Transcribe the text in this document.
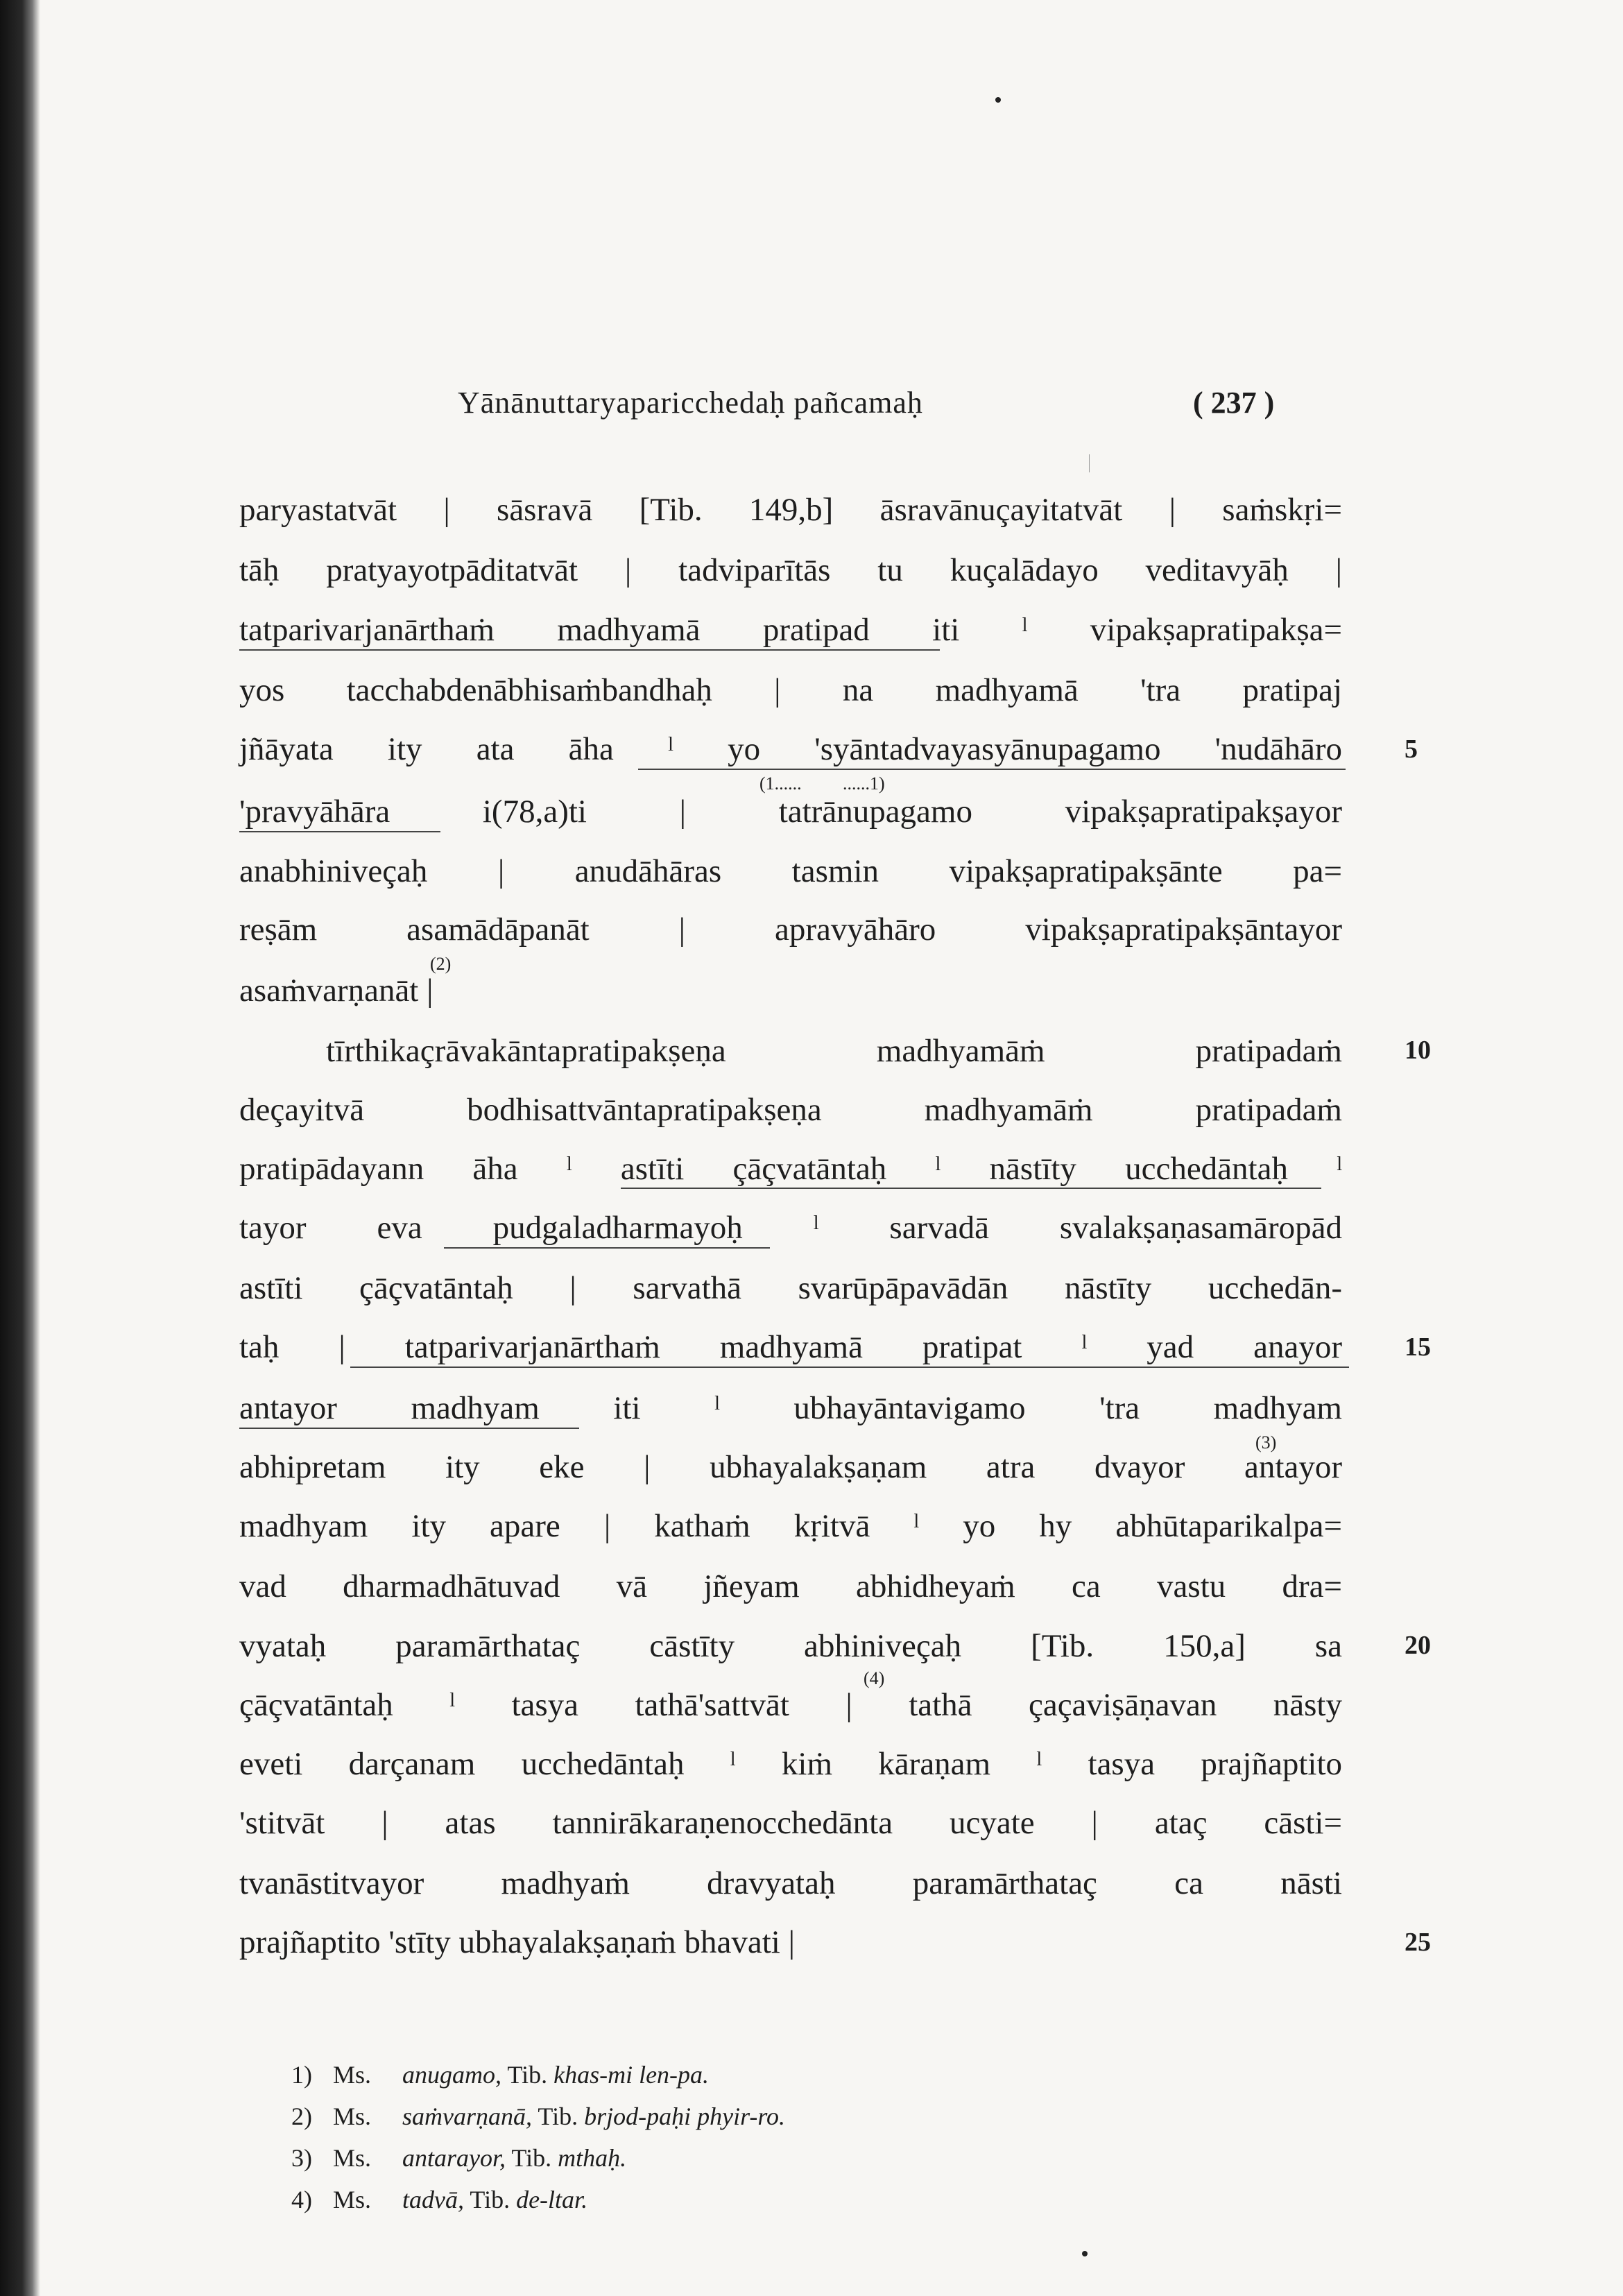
Yānānuttaryaparicchedaḥ pañcamaḥ	( 237 )
paryastatvāt | sāsravā [Tib. 149,b] āsravānuçayitatvāt | saṁskṛi=
tāḥ pratyayotpāditatvāt | tadviparītās tu kuçalādayo veditavyāḥ |
tatparivarjanārthaṁ madhyamā pratipad iti ˡ vipakṣapratipakṣa=
yos tacchabdenābhisaṁbandhaḥ | na madhyamā 'tra pratipaj
jñāyata ity ata āha ˡ yo 'syāntadvayasyānupagamo 'nudāhāro
(1...... ......1)
'pravyāhāra i(78,a)ti | tatrānupagamo vipakṣapratipakṣayor
anabhiniveçaḥ | anudāhāras tasmin vipakṣapratipakṣānte pa=
reṣām asamādāpanāt | apravyāhāro vipakṣapratipakṣāntayor
(2)
asaṁvarṇanāt |
tīrthikaçrāvakāntapratipakṣeṇa madhyamāṁ pratipadaṁ
deçayitvā bodhisattvāntapratipakṣeṇa madhyamāṁ pratipadaṁ
pratipādayann āha ˡ astīti çāçvatāntaḥ ˡ nāstīty ucchedāntaḥ ˡ
tayor eva pudgaladharmayoḥ ˡ sarvadā svalakṣaṇasamāropād
astīti çāçvatāntaḥ | sarvathā svarūpāpavādān nāstīty ucchedān-
taḥ | tatparivarjanārthaṁ madhyamā pratipat ˡ yad anayor
antayor madhyam iti ˡ ubhayāntavigamo 'tra madhyam
(3)
abhipretam ity eke | ubhayalakṣaṇam atra dvayor antayor
madhyam ity apare | kathaṁ kṛitvā ˡ yo hy abhūtaparikalpa=
vad dharmadhātuvad vā jñeyam abhidheyaṁ ca vastu dra=
vyataḥ paramārthataç cāstīty abhiniveçaḥ [Tib. 150,a] sa
(4)
çāçvatāntaḥ ˡ tasya tathā'sattvāt | tathā çaçaviṣāṇavan nāsty
eveti darçanam ucchedāntaḥ ˡ kiṁ kāraṇam ˡ tasya prajñaptito
'stitvāt | atas tannirākaraṇenocchedānta ucyate | ataç cāsti=
tvanāstitvayor madhyaṁ dravyataḥ paramārthataç ca nāsti
prajñaptito 'stīty ubhayalakṣaṇaṁ bhavati |
5
10
15
20
25
1) Ms. anugamo, Tib. khas-mi len-pa.
2) Ms. saṁvarṇanā, Tib. brjod-paḥi phyir-ro.
3) Ms. antarayor, Tib. mthaḥ.
4) Ms. tadvā, Tib. de-ltar.
